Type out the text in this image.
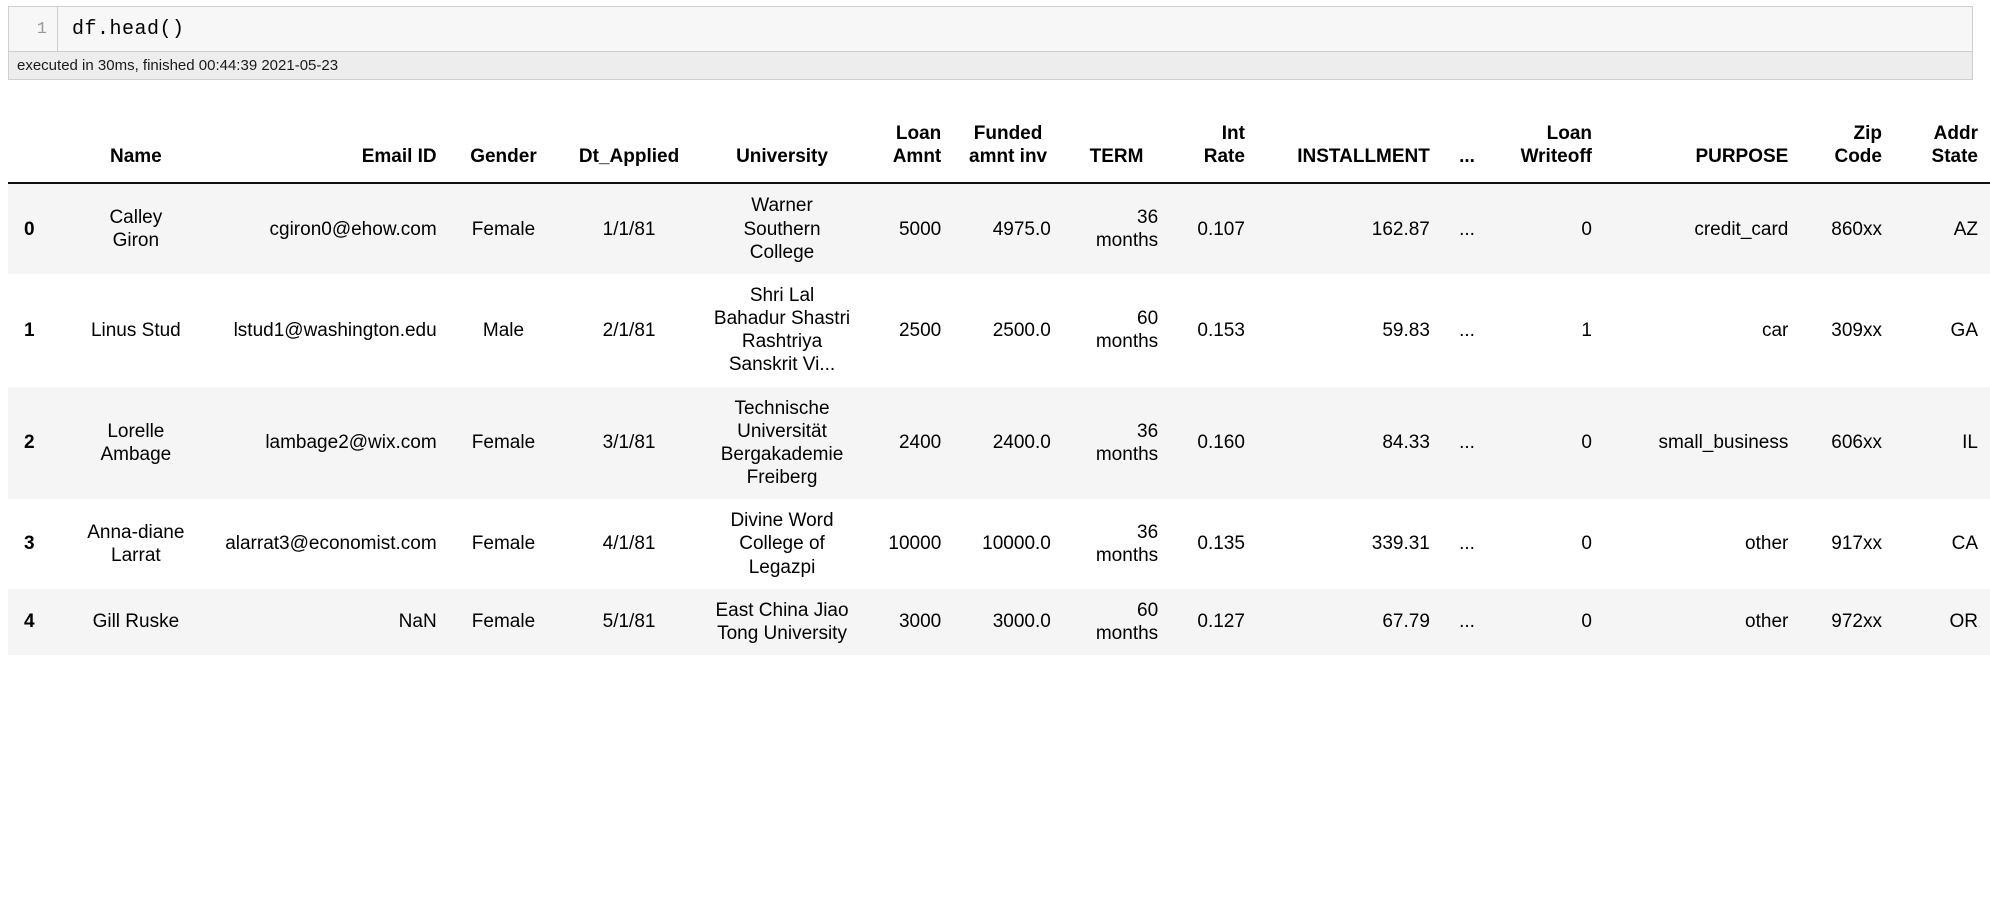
1	df.head()
executed in 30ms, finished 00:44:39 2021-05-23
	Name	Email ID	Gender	Dt_Applied	University	Loan Amnt	Funded amnt inv	TERM	Int Rate	INSTALLMENT	...	Loan Writeoff	PURPOSE	Zip Code	Addr State
0	Calley Giron	cgiron0@ehow.com	Female	1/1/81	Warner Southern College	5000	4975.0	36 months	0.107	162.87	...	0	credit_card	860xx	AZ
1	Linus Stud	lstud1@washington.edu	Male	2/1/81	Shri Lal Bahadur Shastri Rashtriya Sanskrit Vi...	2500	2500.0	60 months	0.153	59.83	...	1	car	309xx	GA
2	Lorelle Ambage	lambage2@wix.com	Female	3/1/81	Technische Universität Bergakademie Freiberg	2400	2400.0	36 months	0.160	84.33	...	0	small_business	606xx	IL
3	Anna-diane Larrat	alarrat3@economist.com	Female	4/1/81	Divine Word College of Legazpi	10000	10000.0	36 months	0.135	339.31	...	0	other	917xx	CA
4	Gill Ruske	NaN	Female	5/1/81	East China Jiao Tong University	3000	3000.0	60 months	0.127	67.79	...	0	other	972xx	OR
